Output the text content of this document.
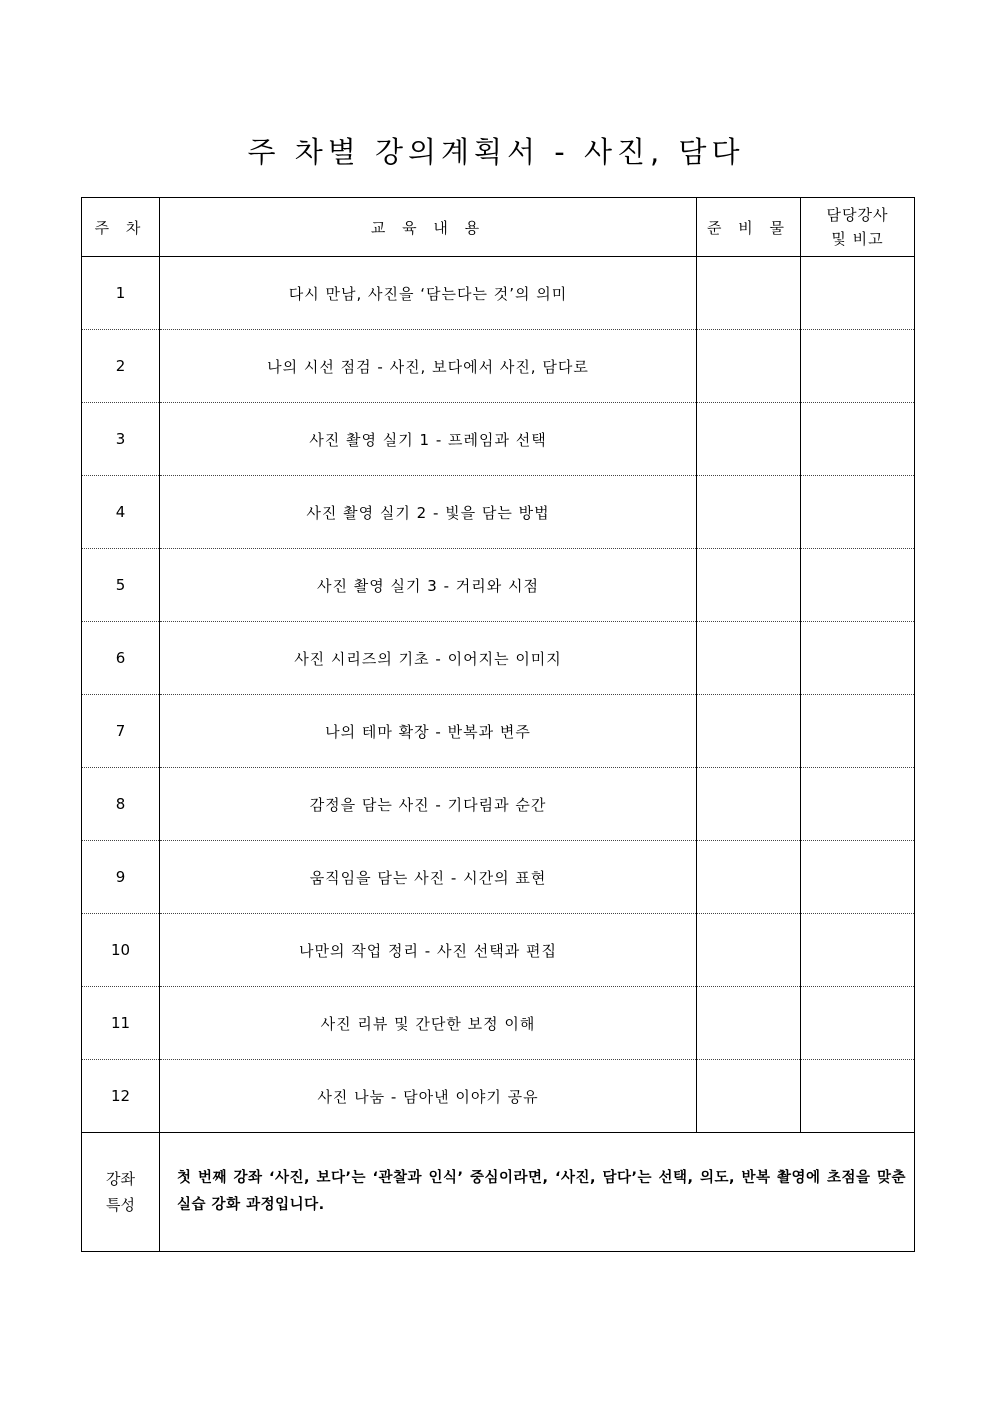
주 차별 강의계획서 - 사진, 담다
주 차	교 육 내 용	준 비 물	담당강사
및 비고

1	다시 만남, 사진을 ‘담는다는 것’의 의미		
2	나의 시선 점검 - 사진, 보다에서 사진, 담다로		
3	사진 촬영 실기 1 - 프레임과 선택		
4	사진 촬영 실기 2 - 빛을 담는 방법		
5	사진 촬영 실기 3 - 거리와 시점		
6	사진 시리즈의 기초 - 이어지는 이미지		
7	나의 테마 확장 - 반복과 변주		
8	감정을 담는 사진 - 기다림과 순간		
9	움직임을 담는 사진 - 시간의 표현		
10	나만의 작업 정리 - 사진 선택과 편집		
11	사진 리뷰 및 간단한 보정 이해		
12	사진 나눔 - 담아낸 이야기 공유		

강좌
특성	첫 번째 강좌 ‘사진, 보다’는 ‘관찰과 인식’ 중심이라면, ‘사진, 담다’는 선택, 의도, 반복 촬영에 초점을 맞춘 실습 강화 과정입니다.		
